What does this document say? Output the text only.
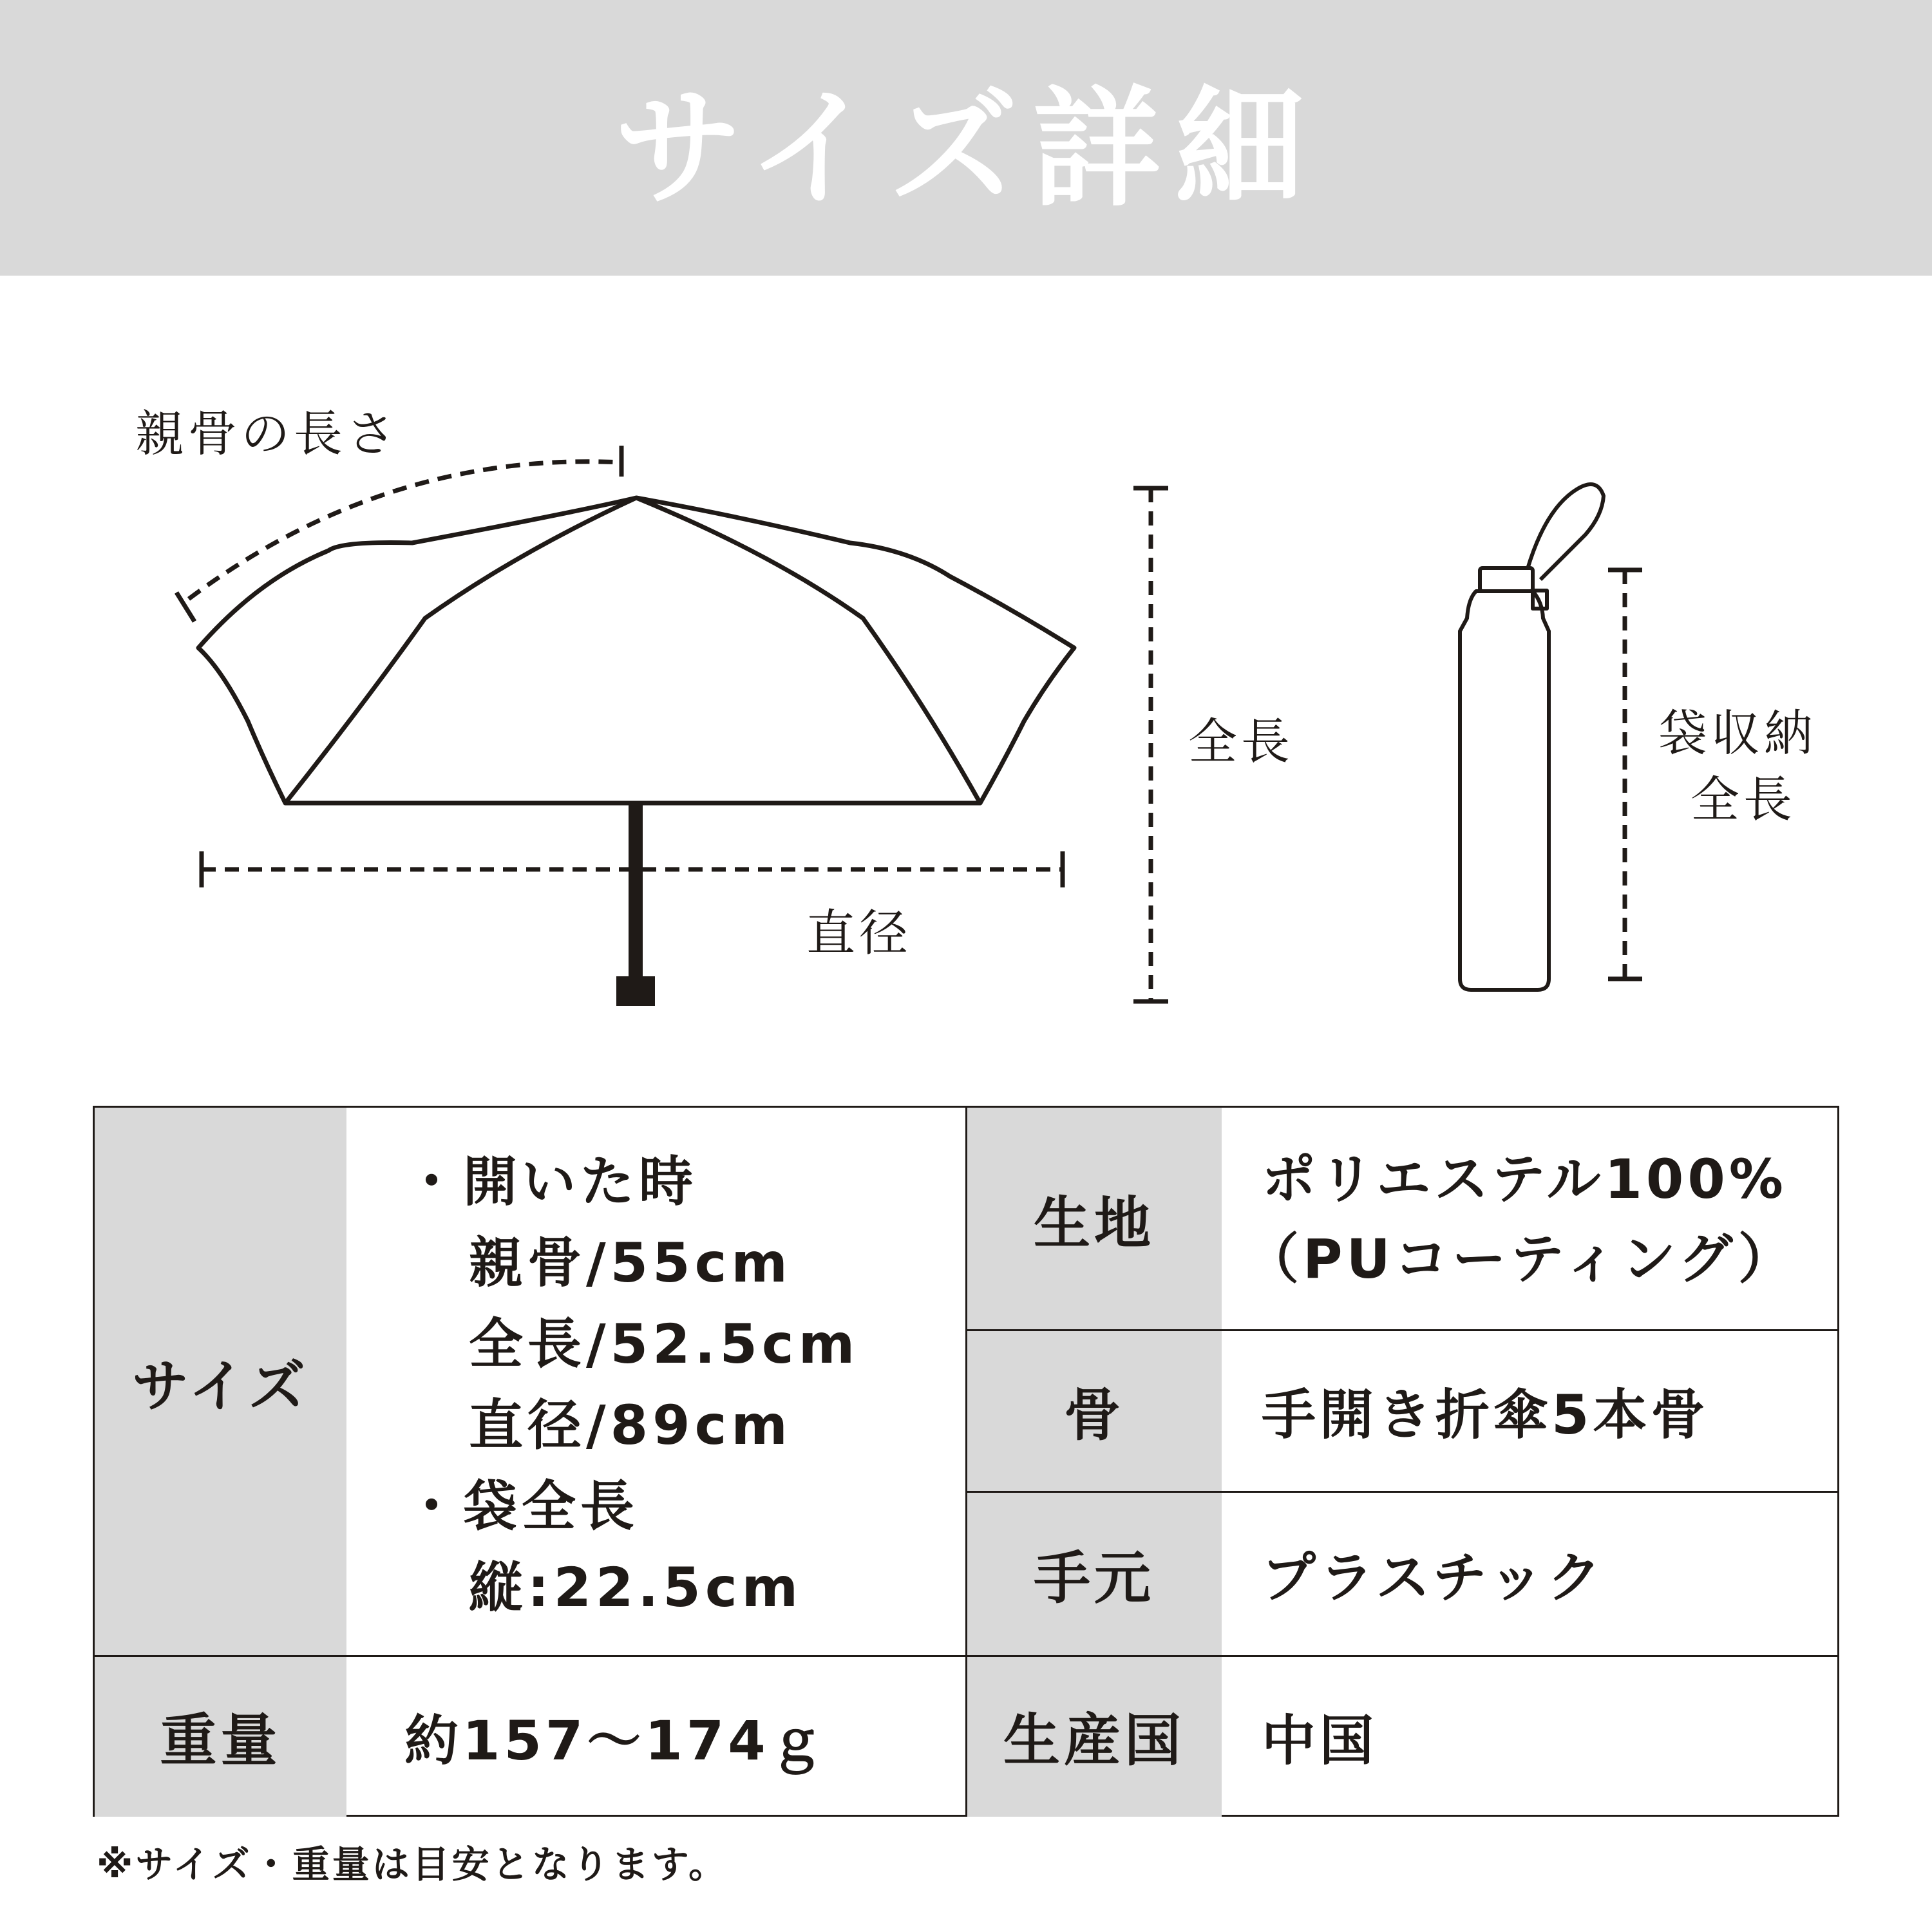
サイズ詳細
親骨の長さ
直径
全長	袋収納
全長
サイズ
重量
生地
骨
手元
生産国
・開いた時
親骨/55cm
全長/52.5cm
直径/89cm
・袋全長
縦:22.5cm
約157〜174ｇ
ポリエステル100%
（PUコーティング）
手開き折傘5本骨
プラスチック
中国
※サイズ・重量は目安となります。
